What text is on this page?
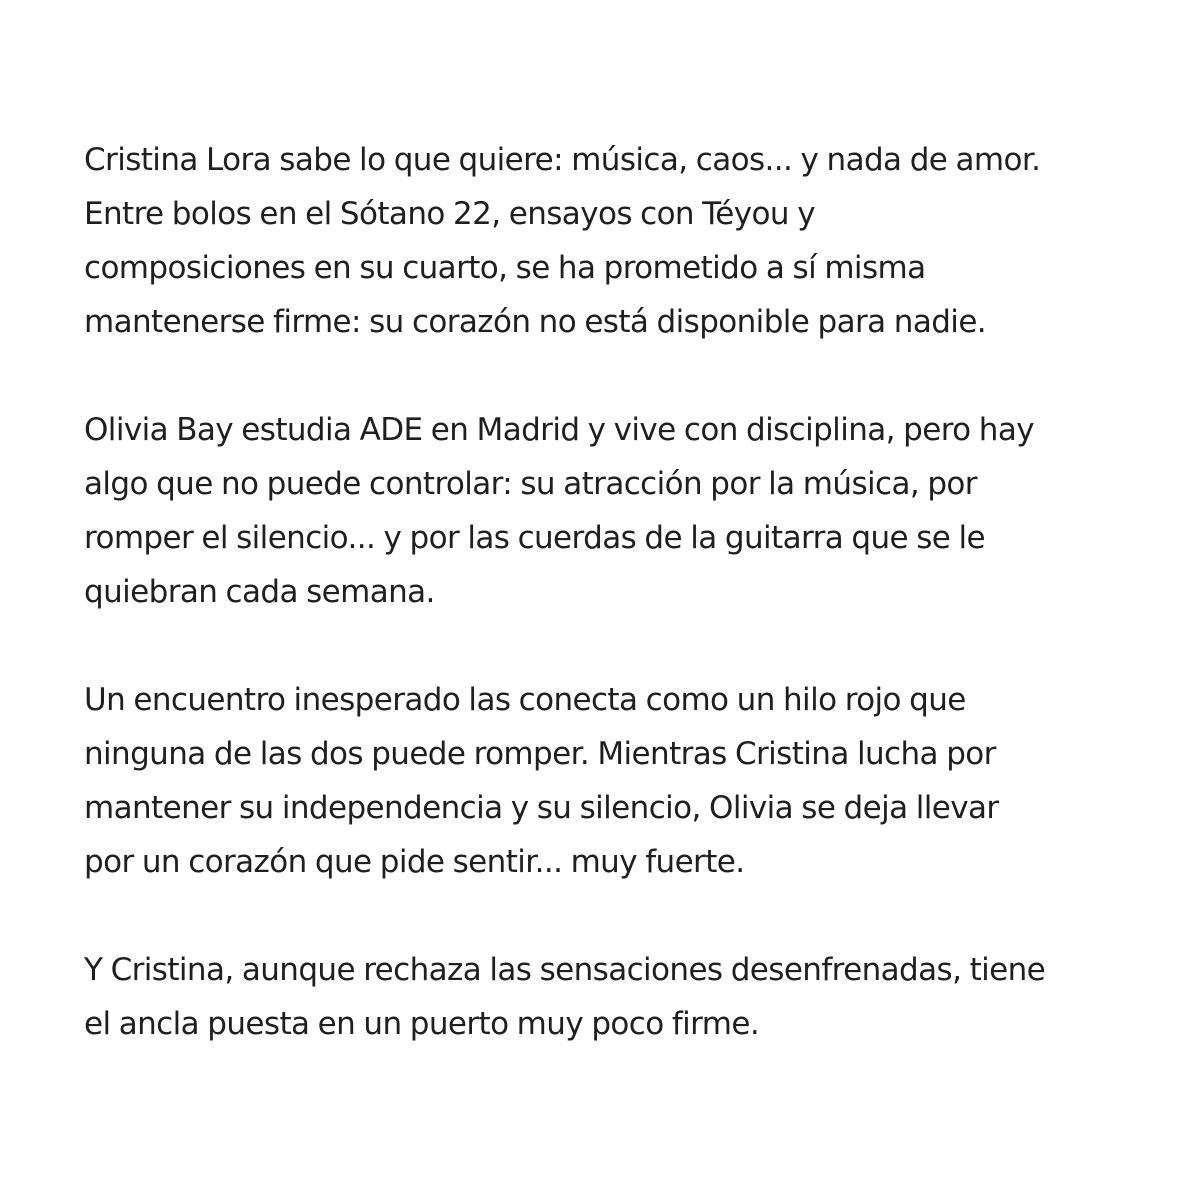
Cristina Lora sabe lo que quiere: música, caos... y nada de amor.
Entre bolos en el Sótano 22, ensayos con Téyou y
composiciones en su cuarto, se ha prometido a sí misma
mantenerse firme: su corazón no está disponible para nadie.

Olivia Bay estudia ADE en Madrid y vive con disciplina, pero hay
algo que no puede controlar: su atracción por la música, por
romper el silencio... y por las cuerdas de la guitarra que se le
quiebran cada semana.

Un encuentro inesperado las conecta como un hilo rojo que
ninguna de las dos puede romper. Mientras Cristina lucha por
mantener su independencia y su silencio, Olivia se deja llevar
por un corazón que pide sentir... muy fuerte.

Y Cristina, aunque rechaza las sensaciones desenfrenadas, tiene
el ancla puesta en un puerto muy poco firme.
